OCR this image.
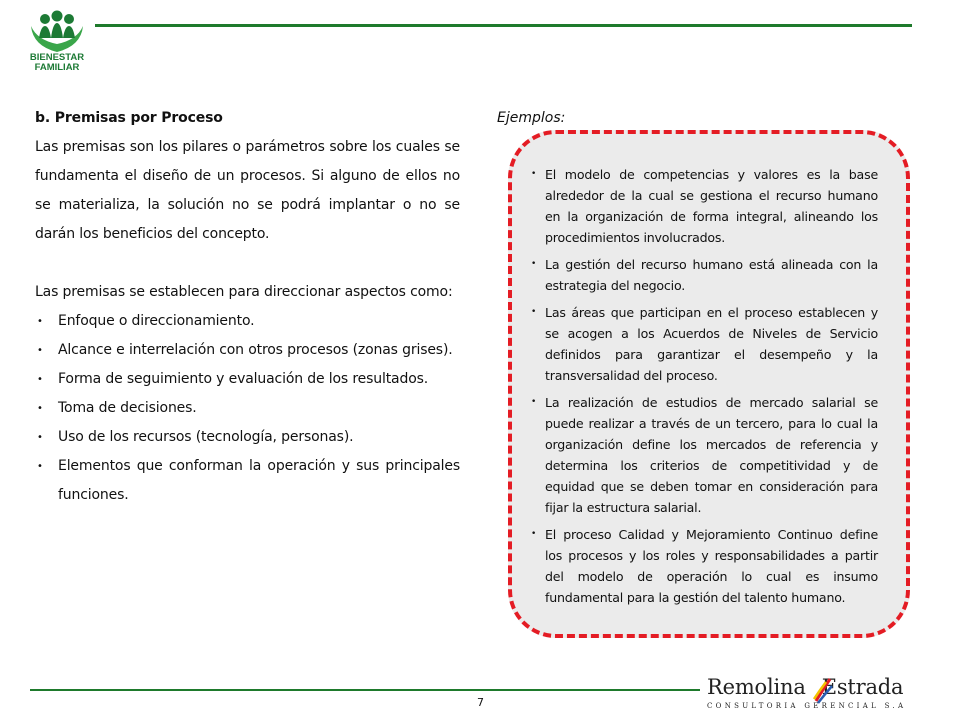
BIENESTAR
FAMILIAR
b. Premisas por Proceso

Las premisas son los pilares o parámetros sobre los cuales se fundamenta el diseño de un procesos. Si alguno de ellos no se materializa, la solución no se podrá implantar o no se darán los beneficios del concepto.

Las premisas se establecen para direccionar aspectos como:

• Enfoque o direccionamiento.
• Alcance e interrelación con otros procesos (zonas grises).
• Forma de seguimiento y evaluación de los resultados.
• Toma de decisiones.
• Uso de los recursos (tecnología, personas).
• Elementos que conforman la operación y sus principales funciones.
Ejemplos:
• El modelo de competencias y valores es la base alrededor de la cual se gestiona el recurso humano en la organización de forma integral, alineando los procedimientos involucrados.
• La gestión del recurso humano está alineada con la estrategia del negocio.
• Las áreas que participan en el proceso establecen y se acogen a los Acuerdos de Niveles de Servicio definidos para garantizar el desempeño y la transversalidad del proceso.
• La realización de estudios de mercado salarial se puede realizar a través de un tercero, para lo cual la organización define los mercados de referencia y determina los criterios de competitividad y de equidad que se deben tomar en consideración para fijar la estructura salarial.
• El proceso Calidad y Mejoramiento Continuo define los procesos y los roles y responsabilidades a partir del modelo de operación lo cual es insumo fundamental para la gestión del talento humano.
7
Remolina Estrada
CONSULTORIA GERENCIAL S.A
